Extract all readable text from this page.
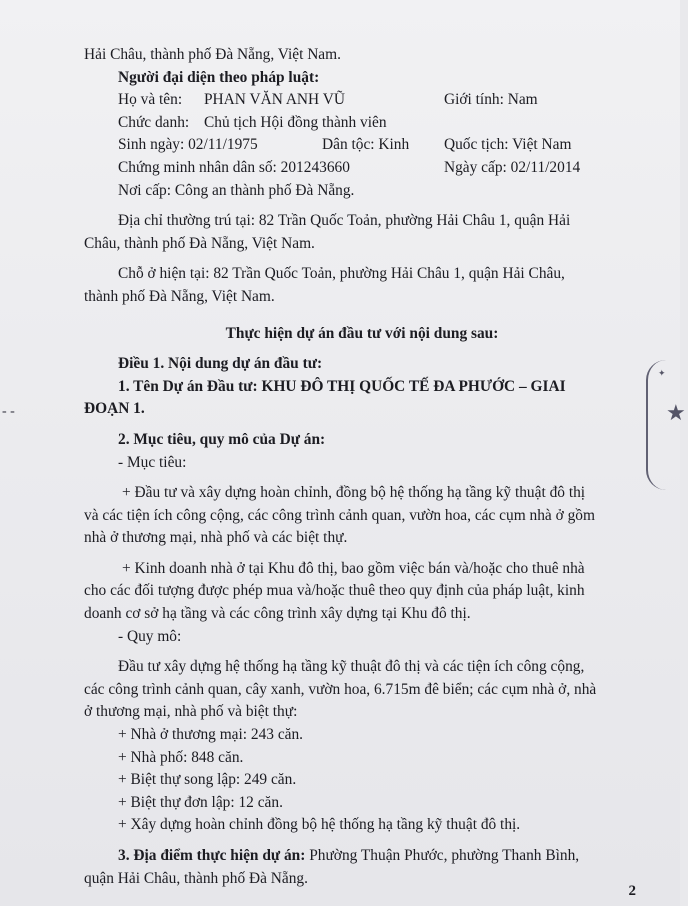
- -
✦
★
Hải Châu, thành phố Đà Nẵng, Việt Nam.
Người đại diện theo pháp luật:
Họ và tên:	PHAN VĂN ANH VŨ	Giới tính: Nam
Chức danh: Chủ tịch Hội đồng thành viên
Sinh ngày: 02/11/1975	Dân tộc: Kinh	Quốc tịch: Việt Nam
Chứng minh nhân dân số: 201243660	Ngày cấp: 02/11/2014
Nơi cấp: Công an thành phố Đà Nẵng.
Địa chỉ thường trú tại: 82 Trần Quốc Toản, phường Hải Châu 1, quận Hải
Châu, thành phố Đà Nẵng, Việt Nam.
Chỗ ở hiện tại: 82 Trần Quốc Toản, phường Hải Châu 1, quận Hải Châu,
thành phố Đà Nẵng, Việt Nam.
Thực hiện dự án đầu tư với nội dung sau:
Điều 1. Nội dung dự án đầu tư:
1. Tên Dự án Đầu tư: KHU ĐÔ THỊ QUỐC TẾ ĐA PHƯỚC – GIAI
ĐOẠN 1.
2. Mục tiêu, quy mô của Dự án:
- Mục tiêu:
+ Đầu tư và xây dựng hoàn chỉnh, đồng bộ hệ thống hạ tầng kỹ thuật đô thị
và các tiện ích công cộng, các công trình cảnh quan, vườn hoa, các cụm nhà ở gồm
nhà ở thương mại, nhà phố và các biệt thự.
+ Kinh doanh nhà ở tại Khu đô thị, bao gồm việc bán và/hoặc cho thuê nhà
cho các đối tượng được phép mua và/hoặc thuê theo quy định của pháp luật, kinh
doanh cơ sở hạ tầng và các công trình xây dựng tại Khu đô thị.
- Quy mô:
Đầu tư xây dựng hệ thống hạ tầng kỹ thuật đô thị và các tiện ích công cộng,
các công trình cảnh quan, cây xanh, vườn hoa, 6.715m đê biển; các cụm nhà ở, nhà
ở thương mại, nhà phố và biệt thự:
+ Nhà ở thương mại: 243 căn.
+ Nhà phố: 848 căn.
+ Biệt thự song lập: 249 căn.
+ Biệt thự đơn lập: 12 căn.
+ Xây dựng hoàn chỉnh đồng bộ hệ thống hạ tầng kỹ thuật đô thị.
3. Địa điểm thực hiện dự án: Phường Thuận Phước, phường Thanh Bình,
quận Hải Châu, thành phố Đà Nẵng.
2
